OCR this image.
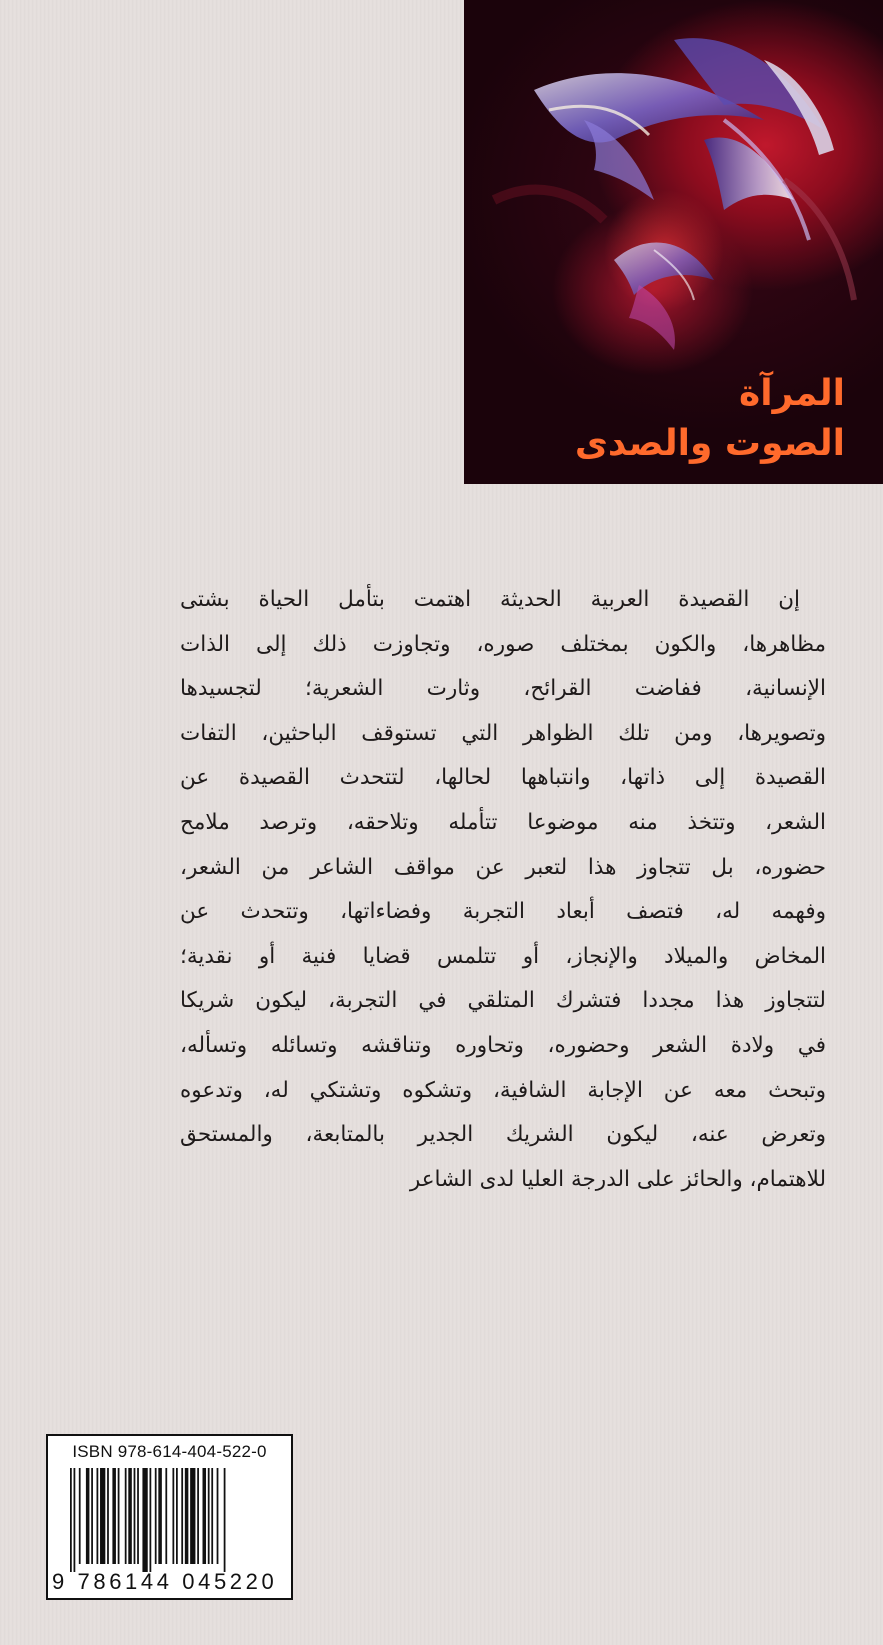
المرآة
الصوت والصدى
إن القصيدة العربية الحديثة اهتمت بتأمل الحياة بشتى
مظاهرها، والكون بمختلف صوره، وتجاوزت ذلك إلى الذات
الإنسانية، ففاضت القرائح، وثارت الشعرية؛ لتجسيدها
وتصويرها، ومن تلك الظواهر التي تستوقف الباحثين، التفات
القصيدة إلى ذاتها، وانتباهها لحالها، لتتحدث القصيدة عن
الشعر، وتتخذ منه موضوعا تتأمله وتلاحقه، وترصد ملامح
حضوره، بل تتجاوز هذا لتعبر عن مواقف الشاعر من الشعر،
وفهمه له، فتصف أبعاد التجربة وفضاءاتها، وتتحدث عن
المخاض والميلاد والإنجاز، أو تتلمس قضايا فنية أو نقدية؛
لتتجاوز هذا مجددا فتشرك المتلقي في التجربة، ليكون شريكا
في ولادة الشعر وحضوره، وتحاوره وتناقشه وتسائله وتسأله،
وتبحث معه عن الإجابة الشافية، وتشكوه وتشتكي له، وتدعوه
وتعرض عنه، ليكون الشريك الجدير بالمتابعة، والمستحق
للاهتمام، والحائز على الدرجة العليا لدى الشاعر
ISBN 978-614-404-522-0
9 786144 045220
